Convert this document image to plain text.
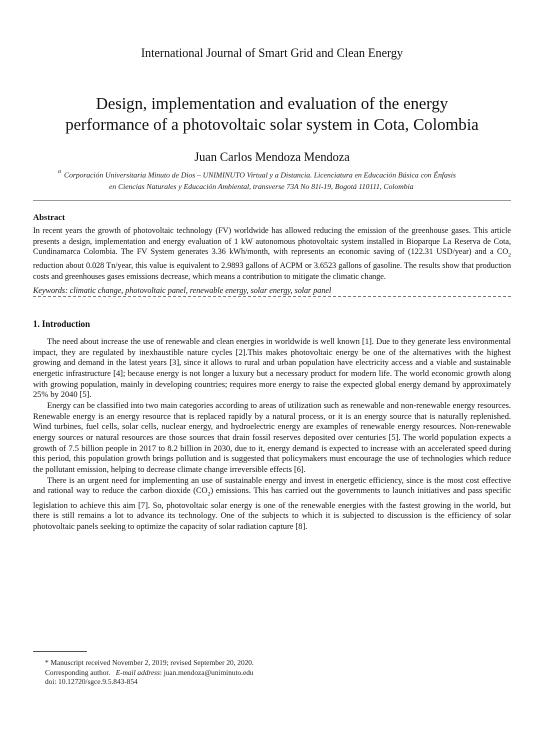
International Journal of Smart Grid and Clean Energy
Design, implementation and evaluation of the energy
performance of a photovoltaic solar system in Cota, Colombia
Juan Carlos Mendoza Mendoza
$^a$ Corporación Universitaria Minuto de Dios – UNIMINUTO Virtual y a Distancia. Licenciatura en Educación Básica con Énfasis
en Ciencias Naturales y Educación Ambiental, transverse 73A No 81i-19, Bogotá 110111, Colombia
Abstract
In recent years the growth of photovoltaic technology (FV) worldwide has allowed reducing the emission of the greenhouse gases. This article presents a design, implementation and energy evaluation of 1 kW autonomous photovoltaic system installed in Bioparque La Reserva de Cota, Cundinamarca Colombia. The FV System generates 3.36 kWh/month, with represents an economic saving of (122.31 USD/year) and a $CO_2$ reduction about 0.028 Tn/year, this value is equivalent to 2.9893 gallons of ACPM or 3.6523 gallons of gasoline. The results show that production costs and greenhouses gases emissions decrease, which means a contribution to mitigate the climatic change.
Keywords: climatic change, photovoltaic panel, renewable energy, solar energy, solar panel
1. Introduction

The need about increase the use of renewable and clean energies in worldwide is well known [1]. Due to they generate less environmental impact, they are regulated by inexhaustible nature cycles [2].This makes photovoltaic energy be one of the alternatives with the highest growing and demand in the latest years [3], since it allows to rural and urban population have electricity access and a viable and sustainable energetic infrastructure [4]; because energy is not longer a luxury but a necessary product for modern life. The world economic growth along with growing population, mainly in developing countries; requires more energy to raise the expected global energy demand by approximately 25% by 2040 [5].

Energy can be classified into two main categories according to areas of utilization such as renewable and non-renewable energy resources. Renewable energy is an energy resource that is replaced rapidly by a natural process, or it is an energy source that is naturally replenished. Wind turbines, fuel cells, solar cells, nuclear energy, and hydroelectric energy are examples of renewable energy resources. Non-renewable energy sources or natural resources are those sources that drain fossil reserves deposited over centuries [5]. The world population expects a growth of 7.5 billion people in 2017 to 8.2 billion in 2030, due to it, energy demand is expected to increase with an accelerated speed during this period, this population growth brings pollution and is suggested that policymakers must encourage the use of technologies which reduce the pollutant emission, helping to decrease climate change irreversible effects [6].

There is an urgent need for implementing an use of sustainable energy and invest in energetic efficiency, since is the most cost effective and rational way to reduce the carbon dioxide $(CO_2)$ emissions. This has carried out the governments to launch initiatives and pass specific legislation to achieve this aim [7]. So, photovoltaic solar energy is one of the renewable energies with the fastest growing in the world, but there is still remains a lot to advance its technology. One of the subjects to which it is subjected to discussion is the efficiency of solar photovoltaic panels seeking to optimize the capacity of solar radiation capture [8].

* Manuscript received November 2, 2019; revised September 20, 2020.
Corresponding author. E-mail address: juan.mendoza@uniminuto.edu
doi: 10.12720/sgce.9.5.843-854
